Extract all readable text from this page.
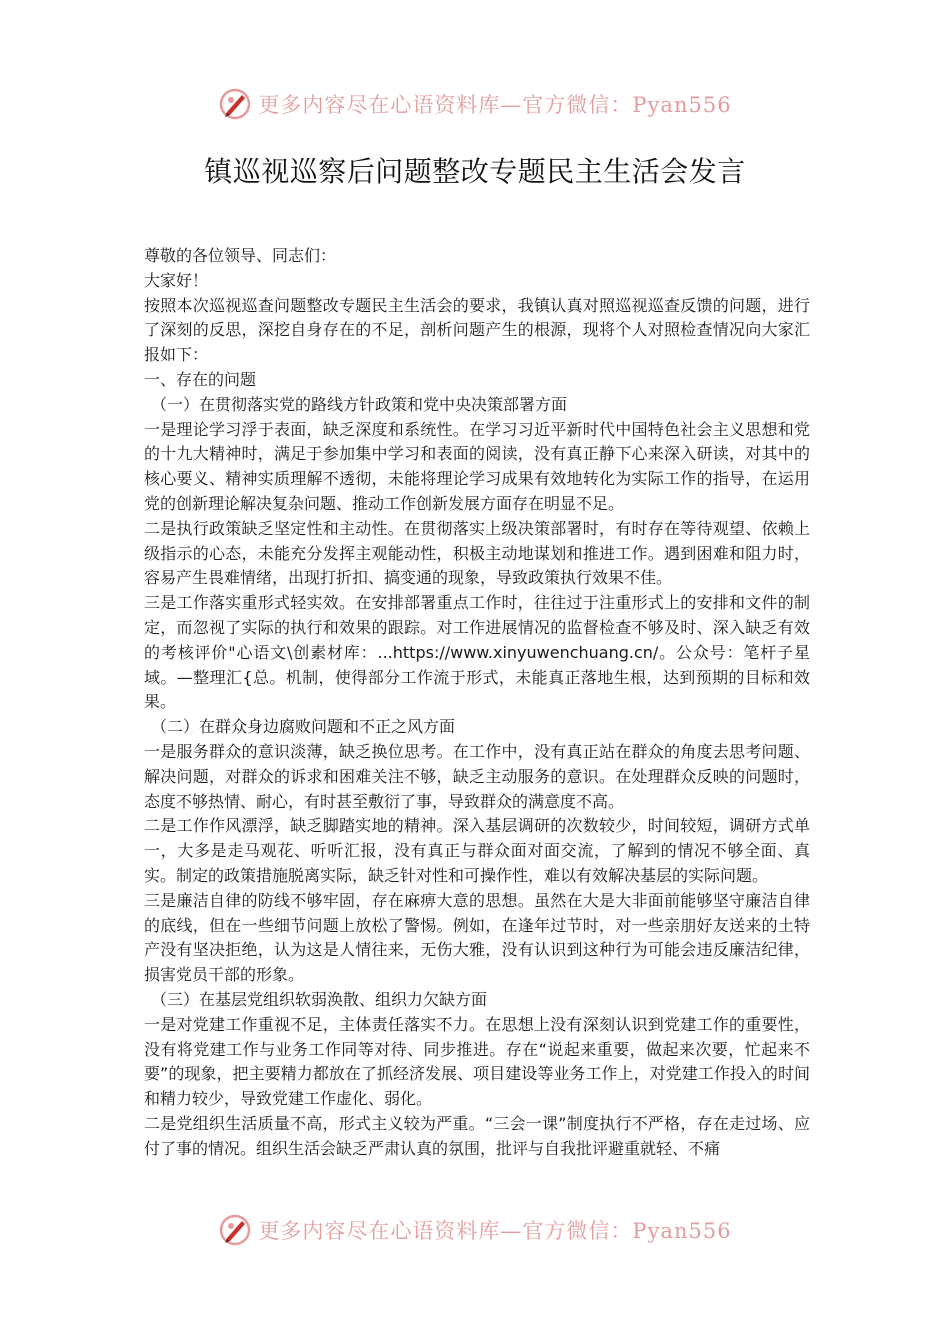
更多内容尽在心语资料库—官方微信：Pyan556
镇巡视巡察后问题整改专题民主生活会发言

尊敬的各位领导、同志们：

大家好！

按照本次巡视巡查问题整改专题民主生活会的要求，我镇认真对照巡视巡查反馈的问题，进行了深刻的反思，深挖自身存在的不足，剖析问题产生的根源，现将个人对照检查情况向大家汇报如下：

一、存在的问题

（一）在贯彻落实党的路线方针政策和党中央决策部署方面

一是理论学习浮于表面，缺乏深度和系统性。在学习习近平新时代中国特色社会主义思想和党的十九大精神时，满足于参加集中学习和表面的阅读，没有真正静下心来深入研读，对其中的核心要义、精神实质理解不透彻，未能将理论学习成果有效地转化为实际工作的指导，在运用党的创新理论解决复杂问题、推动工作创新发展方面存在明显不足。

二是执行政策缺乏坚定性和主动性。在贯彻落实上级决策部署时，有时存在等待观望、依赖上级指示的心态，未能充分发挥主观能动性，积极主动地谋划和推进工作。遇到困难和阻力时，容易产生畏难情绪，出现打折扣、搞变通的现象，导致政策执行效果不佳。

三是工作落实重形式轻实效。在安排部署重点工作时，往往过于注重形式上的安排和文件的制定，而忽视了实际的执行和效果的跟踪。对工作进展情况的监督检查不够及时、深入缺乏有效的考核评价"心语文\创素材库：...https://www.xinyuwenchuang.cn/。公众号：笔杆子星域。—整理汇{总。机制，使得部分工作流于形式，未能真正落地生根，达到预期的目标和效果。

（二）在群众身边腐败问题和不正之风方面

一是服务群众的意识淡薄，缺乏换位思考。在工作中，没有真正站在群众的角度去思考问题、解决问题，对群众的诉求和困难关注不够，缺乏主动服务的意识。在处理群众反映的问题时，态度不够热情、耐心，有时甚至敷衍了事，导致群众的满意度不高。

二是工作作风漂浮，缺乏脚踏实地的精神。深入基层调研的次数较少，时间较短，调研方式单一，大多是走马观花、听听汇报，没有真正与群众面对面交流，了解到的情况不够全面、真实。制定的政策措施脱离实际，缺乏针对性和可操作性，难以有效解决基层的实际问题。

三是廉洁自律的防线不够牢固，存在麻痹大意的思想。虽然在大是大非面前能够坚守廉洁自律的底线，但在一些细节问题上放松了警惕。例如，在逢年过节时，对一些亲朋好友送来的土特产没有坚决拒绝，认为这是人情往来，无伤大雅，没有认识到这种行为可能会违反廉洁纪律，损害党员干部的形象。

（三）在基层党组织软弱涣散、组织力欠缺方面

一是对党建工作重视不足，主体责任落实不力。在思想上没有深刻认识到党建工作的重要性，没有将党建工作与业务工作同等对待、同步推进。存在“说起来重要，做起来次要，忙起来不要”的现象，把主要精力都放在了抓经济发展、项目建设等业务工作上，对党建工作投入的时间和精力较少，导致党建工作虚化、弱化。

二是党组织生活质量不高，形式主义较为严重。“三会一课”制度执行不严格，存在走过场、应付了事的情况。组织生活会缺乏严肃认真的氛围，批评与自我批评避重就轻、不痛

更多内容尽在心语资料库—官方微信：Pyan556
